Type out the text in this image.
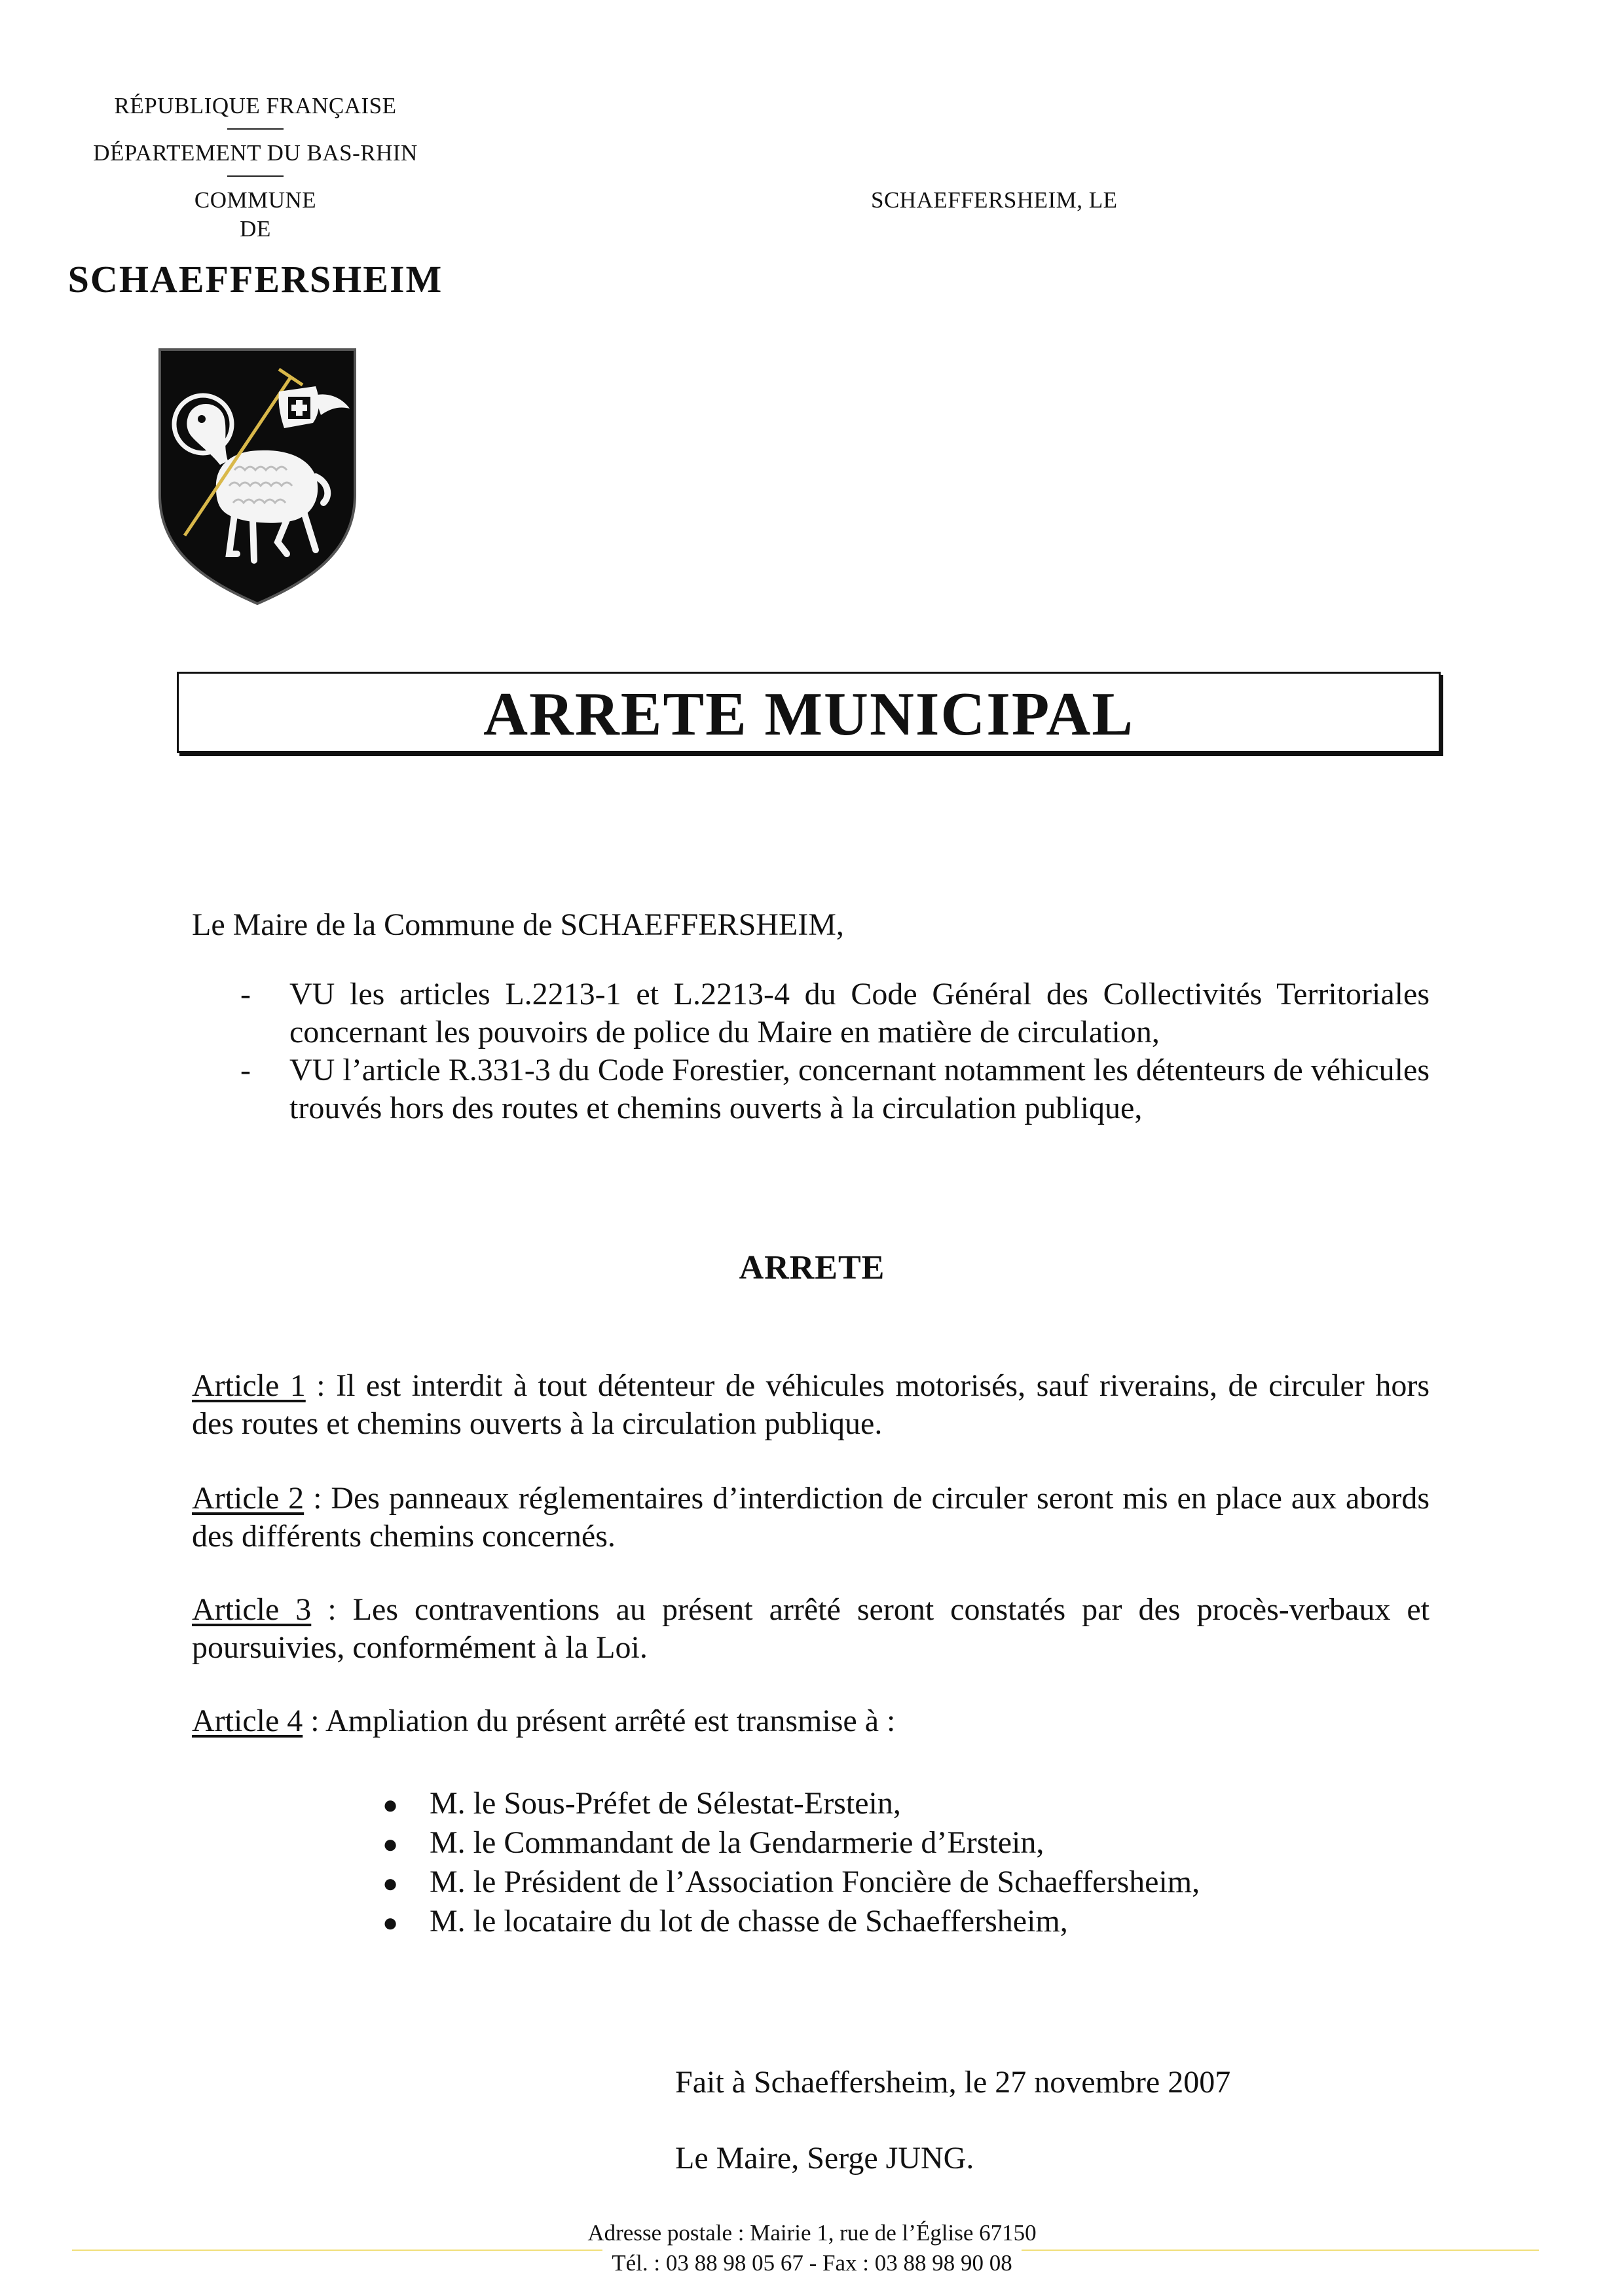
RÉPUBLIQUE FRANÇAISE
DÉPARTEMENT DU BAS-RHIN
COMMUNE
DE
SCHAEFFERSHEIM
SCHAEFFERSHEIM, LE
ARRETE MUNICIPAL
Le Maire de la Commune de SCHAEFFERSHEIM,
-	VU les articles L.2213-1 et L.2213-4 du Code Général des Collectivités Territoriales concernant les pouvoirs de police du Maire en matière de circulation,
-	VU l’article R.331-3 du Code Forestier, concernant notamment les détenteurs de véhicules trouvés hors des routes et chemins ouverts à la circulation publique,
ARRETE
Article 1 : Il est interdit à tout détenteur de véhicules motorisés, sauf riverains, de circuler hors des routes et chemins ouverts à la circulation publique.
Article 2 : Des panneaux réglementaires d’interdiction de circuler seront mis en place aux abords des différents chemins concernés.
Article 3 : Les contraventions au présent arrêté seront constatés par des procès-verbaux et poursuivies, conformément à la Loi.
Article 4 : Ampliation du présent arrêté est transmise à :
● M. le Sous-Préfet de Sélestat-Erstein,
● M. le Commandant de la Gendarmerie d’Erstein,
● M. le Président de l’Association Foncière de Schaeffersheim,
● M. le locataire du lot de chasse de Schaeffersheim,
Fait à Schaeffersheim, le 27 novembre 2007
Le Maire, Serge JUNG.
Adresse postale : Mairie 1, rue de l’Église 67150
Tél. : 03 88 98 05 67 - Fax : 03 88 98 90 08
